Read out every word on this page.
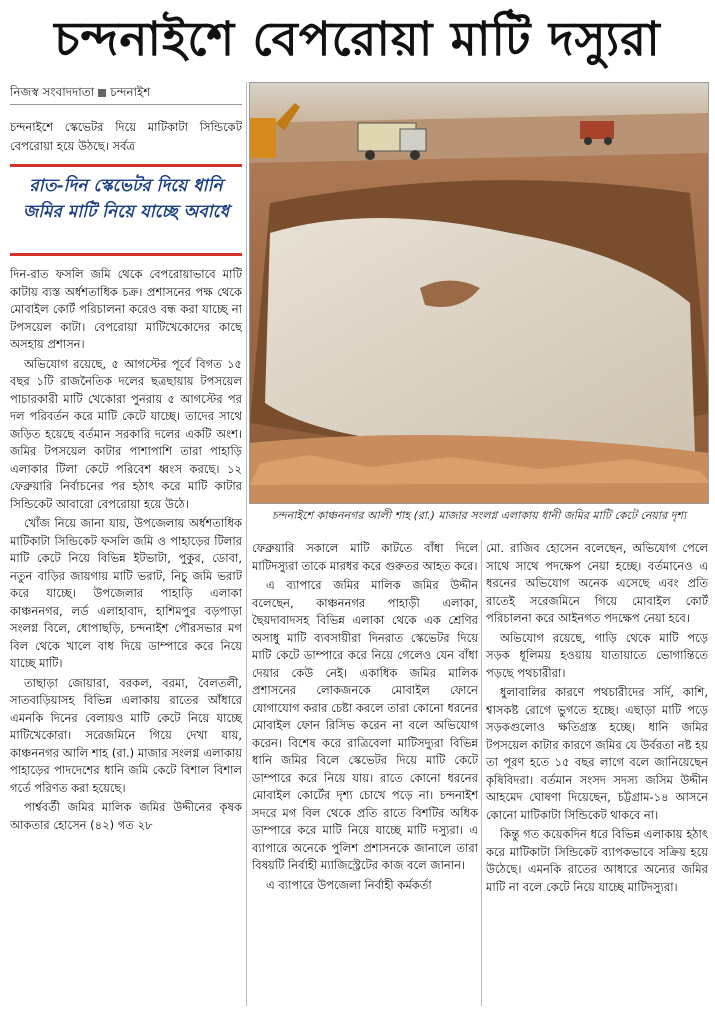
চন্দনাইশে বেপরোয়া মাটি দস্যুরা
নিজস্ব সংবাদদাতা চন্দনাইশ
চন্দনাইশে স্কেভেটর দিয়ে মাটিকাটা সিন্ডিকেট বেপরোয়া হয়ে উঠছে। সর্বত্র
রাত-দিন স্কেভেটর দিয়ে ধানি জমির মাটি নিয়ে যাচ্ছে অবাধে

দিন-রাত ফসলি জমি থেকে বেপরোয়াভাবে মাটি কাটায় ব্যস্ত অর্ধশতাধিক চক্র। প্রশাসনের পক্ষ থেকে মোবাইল কোর্ট পরিচালনা করেও বন্ধ করা যাচ্ছে না টপসয়েল কাটা। বেপরোয়া মাটিখেকোদের কাছে অসহায় প্রশাসন।

অভিযোগ রয়েছে, ৫ আগস্টের পূর্বে বিগত ১৫ বছর ১টি রাজনৈতিক দলের ছত্রছায়ায় টপসয়েল পাচারকারী মাটি খেকোরা পুনরায় ৫ আগস্টের পর দল পরিবর্তন করে মাটি কেটে যাচ্ছে। তাদের সাথে জড়িত হয়েছে বর্তমান সরকারি দলের একটি অংশ। জমির টপসয়েল কাটার পাশাপাশি তারা পাহাড়ি এলাকার টিলা কেটে পরিবেশ ধ্বংস করছে। ১২ ফেব্রুয়ারি নির্বাচনের পর হঠাৎ করে মাটি কাটার সিন্ডিকেট আবারো বেপরোয়া হয়ে উঠে।

খোঁজ নিয়ে জানা যায়, উপজেলায় অর্ধশতাধিক মাটিকাটা সিন্ডিকেট ফসলি জমি ও পাহাড়ের টিলার মাটি কেটে নিয়ে বিভিন্ন ইটভাটা, পুকুর, ডোবা, নতুন বাড়ির জায়গায় মাটি ভরাট, নিচু জমি ভরাট করে যাচ্ছে। উপজেলার পাহাড়ি এলাকা কাঞ্চননগর, লর্ড এলাহাবাদ, হাশিমপুর বড়পাড়া সংলগ্ন বিলে, ধোপাছড়ি, চন্দনাইশ পৌরসভার মগ বিল থেকে খালে বাধ দিয়ে ডাম্পারে করে নিয়ে যাচ্ছে মাটি।

তাছাড়া জোয়ারা, বরকল, বরমা, বৈলতলী, সাতবাড়িয়াসহ বিভিন্ন এলাকায় রাতের আঁধারে এমনকি দিনের বেলায়ও মাটি কেটে নিয়ে যাচ্ছে মাটিখেকোরা। সরেজমিনে গিয়ে দেখা যায়, কাঞ্চননগর আলি শাহ (রা.) মাজার সংলগ্ন এলাকায় পাহাড়ের পাদদেশের ধানি জমি কেটে বিশাল বিশাল গর্তে পরিণত করা হয়েছে।

পার্শ্ববর্তী জমির মালিক জমির উদ্দীনের কৃষক আকতার হোসেন (৪২) গত ২৮

চন্দনাইশে কাঞ্চননগর আলী শাহ (রা.) মাজার সংলগ্ন এলাকায় ধানী জমির মাটি কেটে নেয়ার দৃশ্য

ফেব্রুয়ারি সকালে মাটি কাটতে বাঁধা দিলে মাটিদস্যুরা তাকে মারধর করে গুরুতর আহত করে।

এ ব্যাপারে জমির মালিক জমির উদ্দীন বলেছেন, কাঞ্চননগর পাহাড়ী এলাকা, ছৈয়দাবাদসহ বিভিন্ন এলাকা থেকে এক শ্রেণির অসাধু মাটি ব্যবসায়ীরা দিনরাত স্কেভেটর দিয়ে মাটি কেটে ডাম্পারে করে নিয়ে গেলেও যেন বাঁধা দেয়ার কেউ নেই। একাধিক জমির মালিক প্রশাসনের লোকজনকে মোবাইল ফোনে যোগাযোগ করার চেষ্টা করলে তারা কোনো ধরনের মোবাইল ফোন রিসিভ করেন না বলে অভিযোগ করেন। বিশেষ করে রাত্রিবেলা মাটিসদ্যুরা বিভিন্ন ধানি জমির বিলে স্কেভেটর দিয়ে মাটি কেটে ডাম্পারে করে নিয়ে যায়। রাতে কোনো ধরনের মোবাইল কোর্টের দৃশ্য চোখে পড়ে না। চন্দনাইশ সদরে মগ বিল থেকে প্রতি রাতে বিশটির অধিক ডাম্পারে করে মাটি নিয়ে যাচ্ছে মাটি দস্যুরা। এ ব্যাপারে অনেকে পুলিশ প্রশাসনকে জানালে তারা বিষয়টি নির্বাহী ম্যাজিস্ট্রেটের কাজ বলে জানান।

এ ব্যাপারে উপজেলা নির্বাহী কর্মকর্তা

মো. রাজিব হোসেন বলেছেন, অভিযোগ পেলে সাথে সাথে পদক্ষেপ নেয়া হচ্ছে। বর্তমানেও এ ধরনের অভিযোগ অনেক এসেছে এবং প্রতি রাতেই সরেজমিনে গিয়ে মোবাইল কোর্ট পরিচালনা করে আইনগত পদক্ষেপ নেয়া হবে।

অভিযোগ রয়েছে, গাড়ি থেকে মাটি পড়ে সড়ক ধূলিময় হওয়ায় যাতায়াতে ভোগান্তিতে পড়ছে পথচারীরা।

ধুলাবালির কারণে পথচারীদের সর্দি, কাশি, শ্বাসকষ্ট রোগে ভুগতে হচ্ছে। এছাড়া মাটি পড়ে সড়কগুলোও ক্ষতিগ্রস্ত হচ্ছে। ধানি জমির টপসয়েল কাটার কারণে জমির যে উর্বরতা নষ্ট হয় তা পূরণ হতে ১৫ বছর লাগে বলে জানিয়েছেন কৃষিবিদরা। বর্তমান সংসদ সদস্য জসিম উদ্দীন আহমেদ ঘোষণা দিয়েছেন, চট্টগ্রাম-১৪ আসনে কোনো মাটিকাটা সিন্ডিকেট থাকবে না।

কিন্তু গত কয়েকদিন ধরে বিভিন্ন এলাকায় হঠাৎ করে মাটিকাটা সিন্ডিকেট ব্যাপকভাবে সক্রিয় হয়ে উঠেছে। এমনকি রাতের আধারে অন্যের জমির মাটি না বলে কেটে নিয়ে যাচ্ছে মাটিদস্যুরা।
